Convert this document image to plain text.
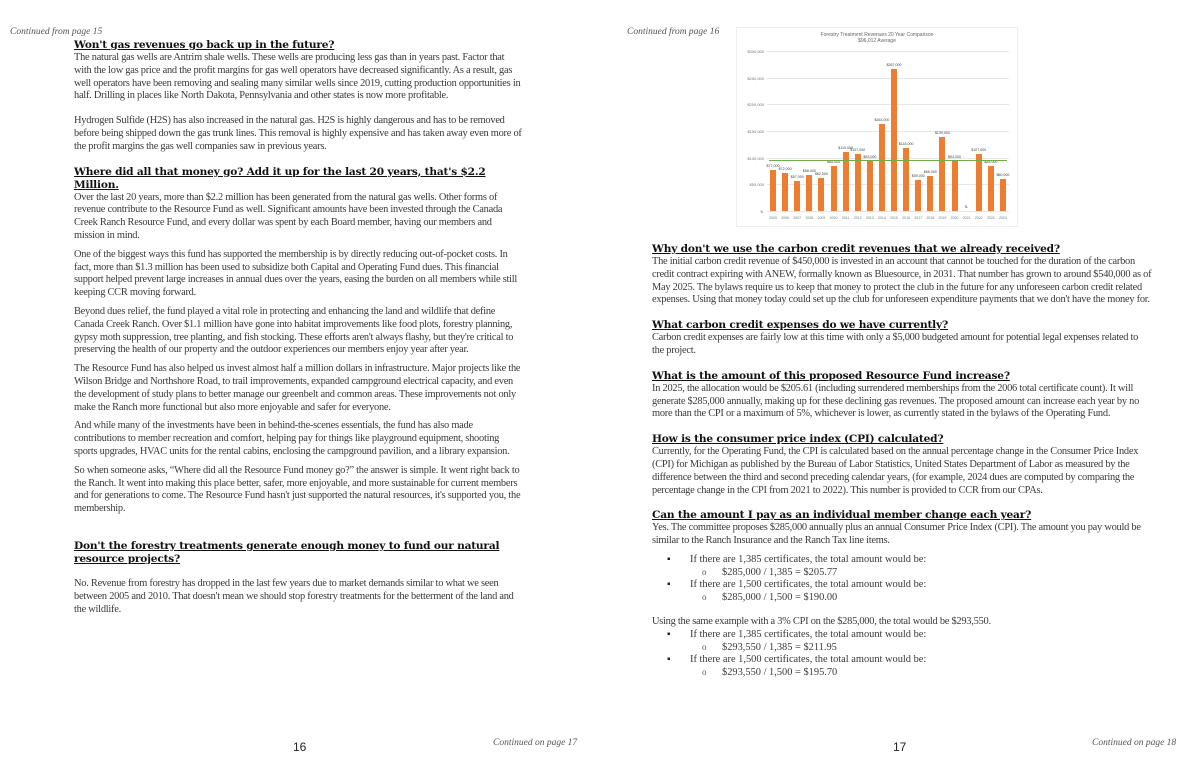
Continued from page 15
Won't gas revenues go back up in the future?

The natural gas wells are Antrim shale wells. These wells are producing less gas than in years past. Factor that with the low gas price and the profit margins for gas well operators have decreased significantly. As a result, gas well operators have been removing and sealing many similar wells since 2019, cutting production opportunities in half. Drilling in places like North Dakota, Pennsylvania and other states is now more profitable.

Hydrogen Sulfide (H2S) has also increased in the natural gas. H2S is highly dangerous and has to be removed before being shipped down the gas trunk lines. This removal is highly expensive and has taken away even more of the profit margins the gas well companies saw in previous years.

Where did all that money go? Add it up for the last 20 years, that's $2.2 Million.

Over the last 20 years, more than $2.2 million has been generated from the natural gas wells. Other forms of revenue contribute to the Resource Fund as well. Significant amounts have been invested through the Canada Creek Ranch Resource Fund, and every dollar was spent by each Board member, having our members and mission in mind.

One of the biggest ways this fund has supported the membership is by directly reducing out-of-pocket costs. In fact, more than $1.3 million has been used to subsidize both Capital and Operating Fund dues. This financial support helped prevent large increases in annual dues over the years, easing the burden on all members while still keeping CCR moving forward.

Beyond dues relief, the fund played a vital role in protecting and enhancing the land and wildlife that define Canada Creek Ranch. Over $1.1 million have gone into habitat improvements like food plots, forestry planning, gypsy moth suppression, tree planting, and fish stocking. These efforts aren't always flashy, but they're critical to preserving the health of our property and the outdoor experiences our members enjoy year after year.

The Resource Fund has also helped us invest almost half a million dollars in infrastructure. Major projects like the Wilson Bridge and Northshore Road, to trail improvements, expanded campground electrical capacity, and even the development of study plans to better manage our greenbelt and common areas. These improvements not only make the Ranch more functional but also more enjoyable and safer for everyone.

And while many of the investments have been in behind-the-scenes essentials, the fund has also made contributions to member recreation and comfort, helping pay for things like playground equipment, shooting sports upgrades, HVAC units for the rental cabins, enclosing the campground pavilion, and a library expansion.

So when someone asks, “Where did all the Resource Fund money go?” the answer is simple. It went right back to the Ranch. It went into making this place better, safer, more enjoyable, and more sustainable for current members and for generations to come. The Resource Fund hasn't just supported the natural resources, it's supported you, the membership.

Don't the forestry treatments generate enough money to fund our natural resource projects?

No. Revenue from forestry has dropped in the last few years due to market demands similar to what we seen between 2005 and 2010. That doesn't mean we should stop forestry treatments for the betterment of the land and the wildlife.

16	Continued on page 17
Continued from page 16
Why don't we use the carbon credit revenues that we already received?

The initial carbon credit revenue of $450,000 is invested in an account that cannot be touched for the duration of the carbon credit contract expiring with ANEW, formally known as Bluesource, in 2031. That number has grown to around $540,000 as of May 2025. The bylaws require us to keep that money to protect the club in the future for any unforeseen carbon credit related expenses. Using that money today could set up the club for unforeseen expenditure payments that we don't have the money for.

What carbon credit expenses do we have currently?

Carbon credit expenses are fairly low at this time with only a $5,000 budgeted amount for potential legal expenses related to the project.

What is the amount of this proposed Resource Fund increase?

In 2025, the allocation would be $205.61 (including surrendered memberships from the 2006 total certificate count). It will generate $285,000 annually, making up for these declining gas revenues. The proposed amount can increase each year by no more than the CPI or a maximum of 5%, whichever is lower, as currently stated in the bylaws of the Operating Fund.

How is the consumer price index (CPI) calculated?

Currently, for the Operating Fund, the CPI is calculated based on the annual percentage change in the Consumer Price Index (CPI) for Michigan as published by the Bureau of Labor Statistics, United States Department of Labor as measured by the difference between the third and second preceding calendar years, (for example, 2024 dues are computed by comparing the percentage change in the CPI from 2021 to 2022). This number is provided to CCR from our CPAs.

Can the amount I pay as an individual member change each year?

Yes. The committee proposes $285,000 annually plus an annual Consumer Price Index (CPI). The amount you pay would be similar to the Ranch Insurance and the Ranch Tax line items.

▪ If there are 1,385 certificates, the total amount would be:
o $285,000 / 1,385 = $205.77
▪ If there are 1,500 certificates, the total amount would be:
o $285,000 / 1,500 = $190.00

Using the same example with a 3% CPI on the $285,000, the total would be $293,550.

▪ If there are 1,385 certificates, the total amount would be:
o $293,550 / 1,385 = $211.95
▪ If there are 1,500 certificates, the total amount would be:
o $293,550 / 1,500 = $195.70
17	Continued on page 18
Forestry Treatment Revenues 20 Year Comparison
$96,012 Average
$-
$50,000
$100,000
$150,000
$200,000
$250,000
$300,000
$77,000
2005
$72,000
2006
$57,000
2007
$68,000
2008
$62,000
2009
$85,000
2010
$110,000
2011
$107,000
2012
$93,000
2013
$163,000
2014
$267,000
2015
$118,000
2016
$59,000
2017
$66,000
2018
$139,000
2019
$94,000
2020
$-
2021
$107,000
2022
$85,000
2023
$60,000
2024
